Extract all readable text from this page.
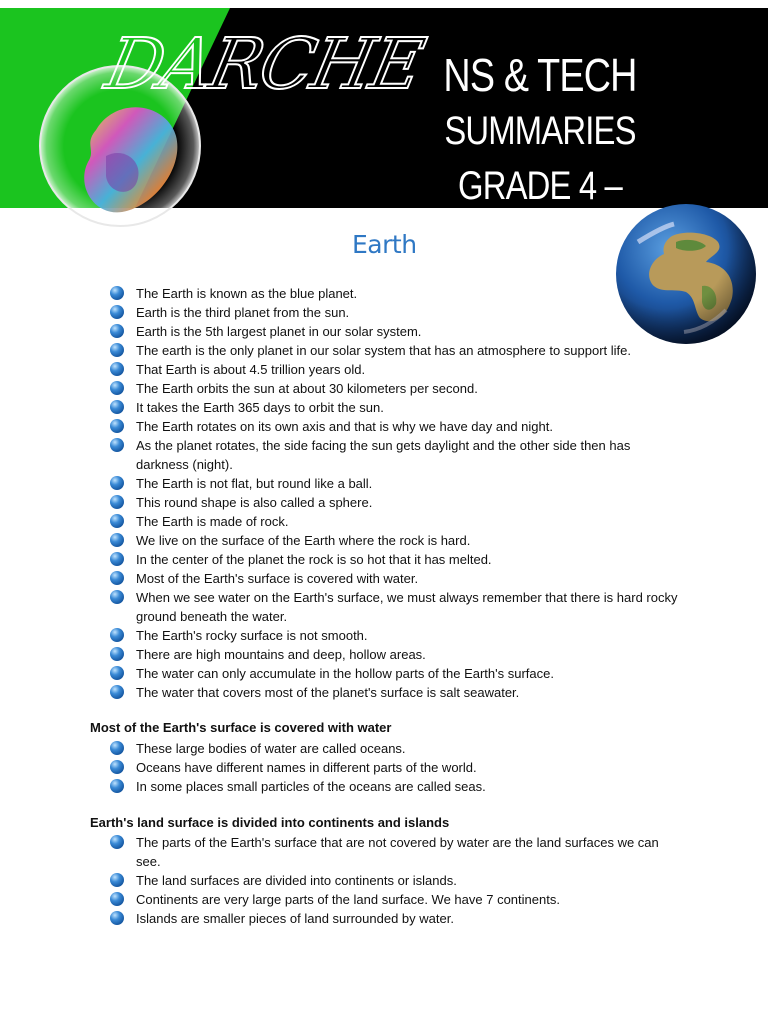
DARCHE NS & TECH
SUMMARIES
GRADE 4 – TERM 4
Earth
The Earth is known as the blue planet.
Earth is the third planet from the sun.
Earth is the 5th largest planet in our solar system.
The earth is the only planet in our solar system that has an atmosphere to support life.
That Earth is about 4.5 trillion years old.
The Earth orbits the sun at about 30 kilometers per second.
It takes the Earth 365 days to orbit the sun.
The Earth rotates on its own axis and that is why we have day and night.
As the planet rotates, the side facing the sun gets daylight and the other side then has darkness (night).
The Earth is not flat, but round like a ball.
This round shape is also called a sphere.
The Earth is made of rock.
We live on the surface of the Earth where the rock is hard.
In the center of the planet the rock is so hot that it has melted.
Most of the Earth's surface is covered with water.
When we see water on the Earth's surface, we must always remember that there is hard rocky ground beneath the water.
The Earth's rocky surface is not smooth.
There are high mountains and deep, hollow areas.
The water can only accumulate in the hollow parts of the Earth's surface.
The water that covers most of the planet's surface is salt seawater.
Most of the Earth's surface is covered with water
These large bodies of water are called oceans.
Oceans have different names in different parts of the world.
In some places small particles of the oceans are called seas.
Earth's land surface is divided into continents and islands
The parts of the Earth's surface that are not covered by water are the land surfaces we can see.
The land surfaces are divided into continents or islands.
Continents are very large parts of the land surface. We have 7 continents.
Islands are smaller pieces of land surrounded by water.
